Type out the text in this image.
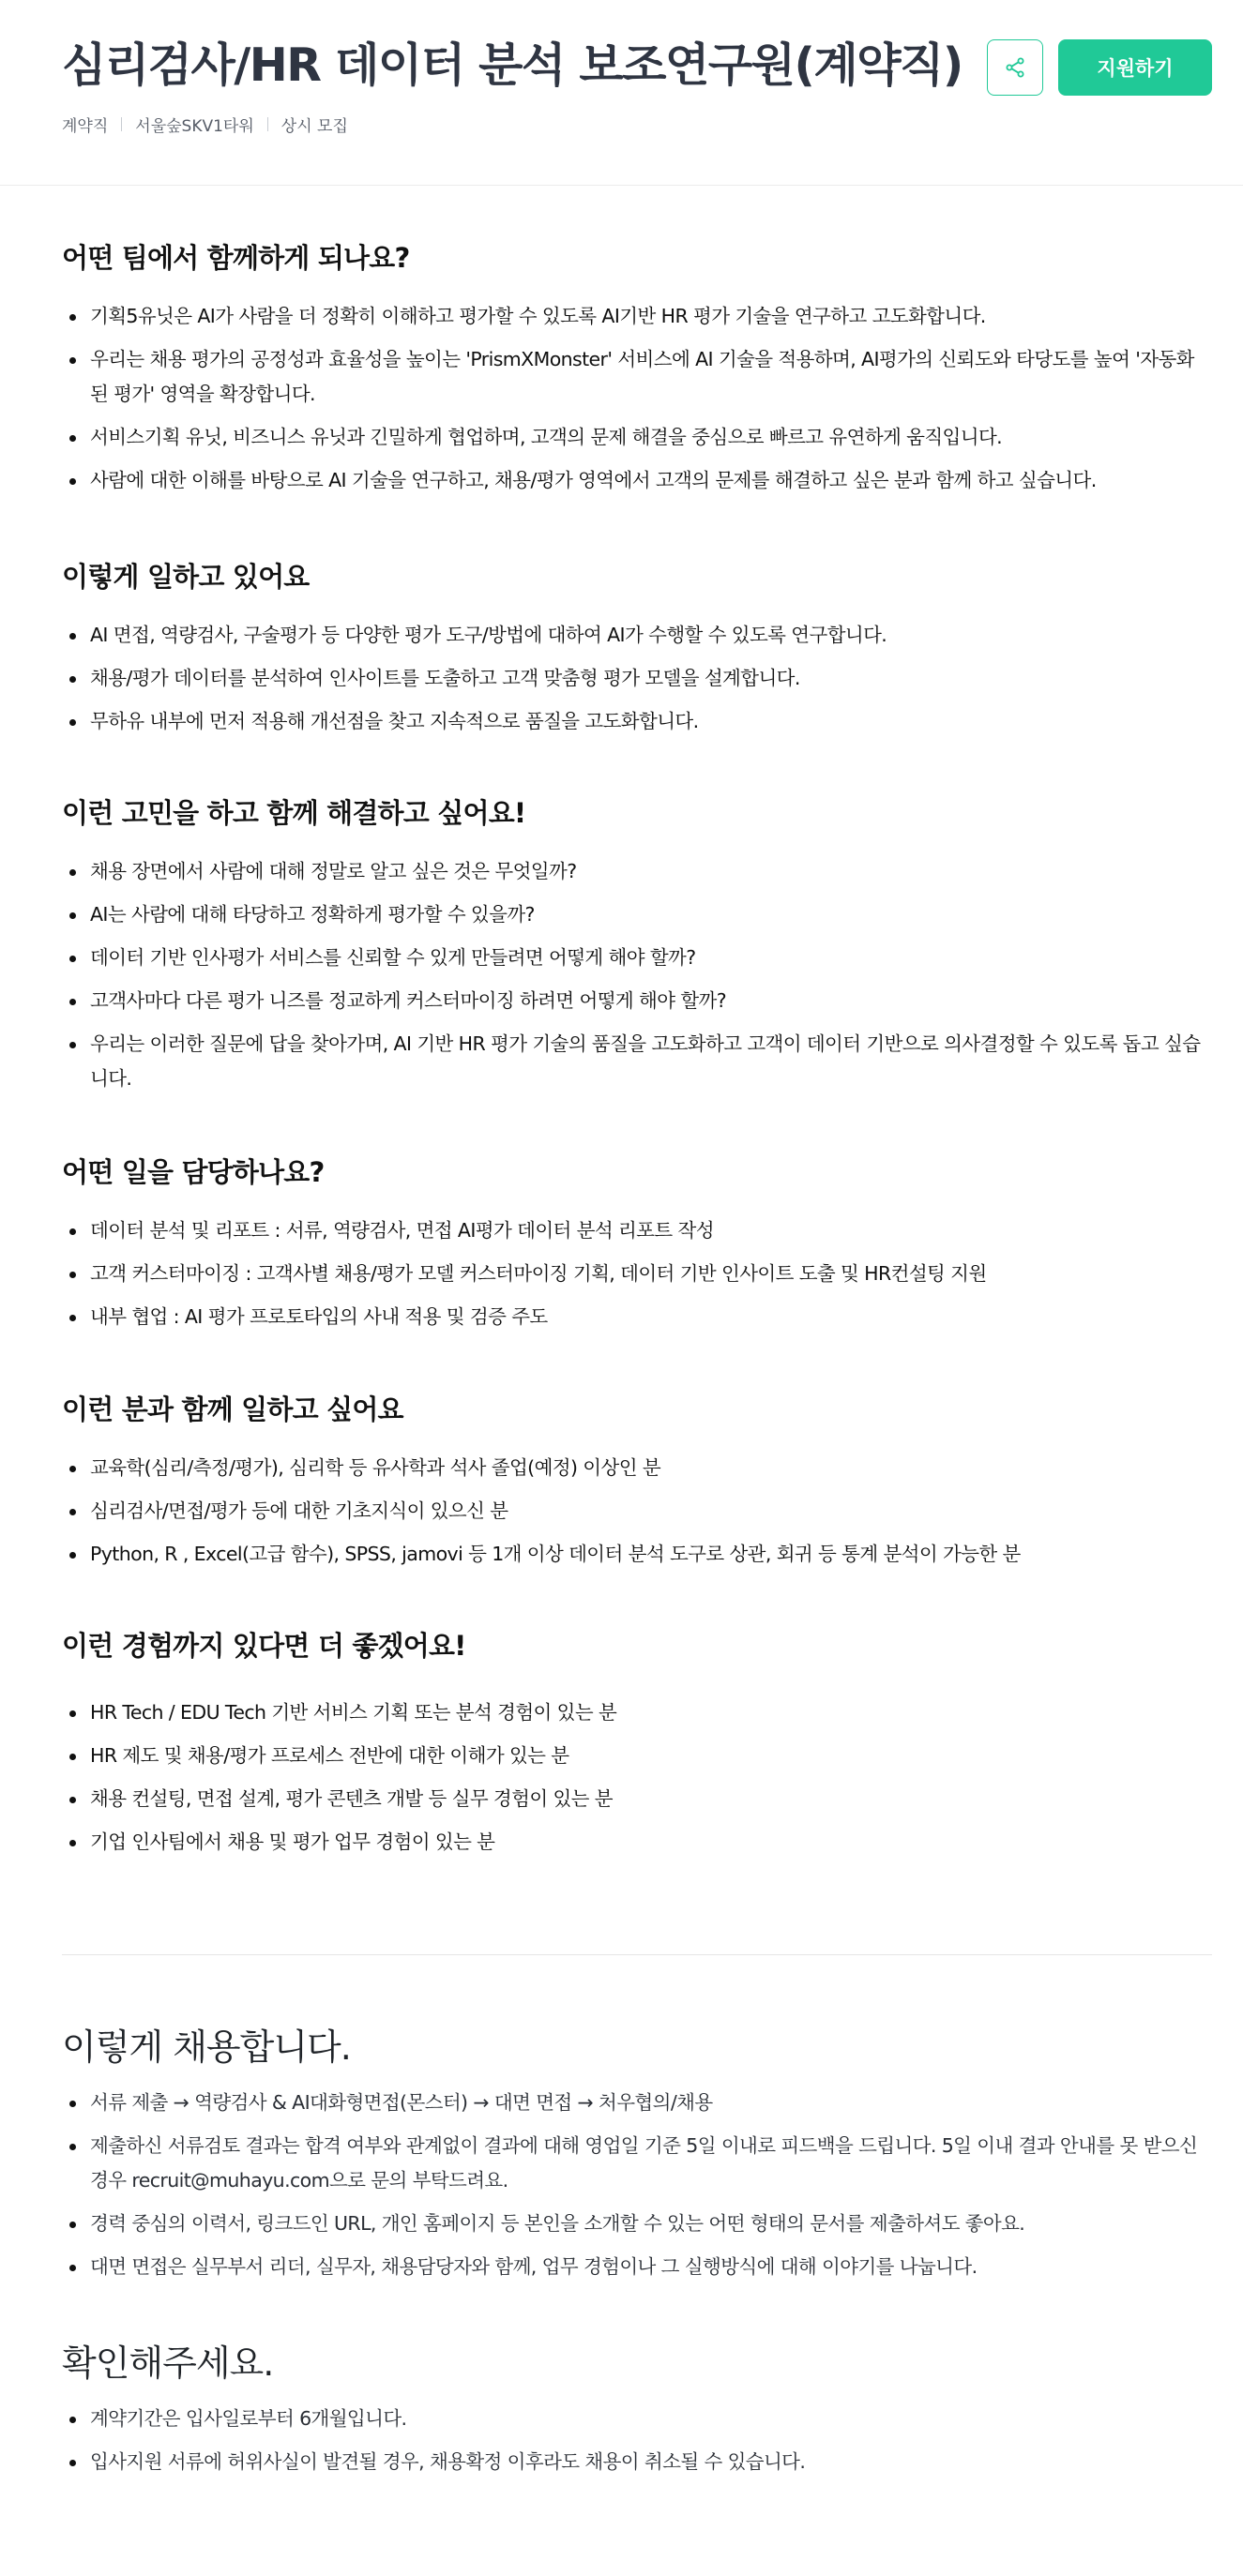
심리검사/HR 데이터 분석 보조연구원(계약직)
계약직 서울숲SKV1타워 상시 모집
지원하기
어떤 팀에서 함께하게 되나요?
기획5유닛은 AI가 사람을 더 정확히 이해하고 평가할 수 있도록 AI기반 HR 평가 기술을 연구하고 고도화합니다.
우리는 채용 평가의 공정성과 효율성을 높이는 'PrismXMonster' 서비스에 AI 기술을 적용하며, AI평가의 신뢰도와 타당도를 높여 '자동화된 평가' 영역을 확장합니다.
서비스기획 유닛, 비즈니스 유닛과 긴밀하게 협업하며, 고객의 문제 해결을 중심으로 빠르고 유연하게 움직입니다.
사람에 대한 이해를 바탕으로 AI 기술을 연구하고, 채용/평가 영역에서 고객의 문제를 해결하고 싶은 분과 함께 하고 싶습니다.
이렇게 일하고 있어요
AI 면접, 역량검사, 구술평가 등 다양한 평가 도구/방법에 대하여 AI가 수행할 수 있도록 연구합니다.
채용/평가 데이터를 분석하여 인사이트를 도출하고 고객 맞춤형 평가 모델을 설계합니다.
무하유 내부에 먼저 적용해 개선점을 찾고 지속적으로 품질을 고도화합니다.
이런 고민을 하고 함께 해결하고 싶어요!
채용 장면에서 사람에 대해 정말로 알고 싶은 것은 무엇일까?
AI는 사람에 대해 타당하고 정확하게 평가할 수 있을까?
데이터 기반 인사평가 서비스를 신뢰할 수 있게 만들려면 어떻게 해야 할까?
고객사마다 다른 평가 니즈를 정교하게 커스터마이징 하려면 어떻게 해야 할까?
우리는 이러한 질문에 답을 찾아가며, AI 기반 HR 평가 기술의 품질을 고도화하고 고객이 데이터 기반으로 의사결정할 수 있도록 돕고 싶습니다.
어떤 일을 담당하나요?
데이터 분석 및 리포트 : 서류, 역량검사, 면접 AI평가 데이터 분석 리포트 작성
고객 커스터마이징 : 고객사별 채용/평가 모델 커스터마이징 기획, 데이터 기반 인사이트 도출 및 HR컨설팅 지원
내부 협업 : AI 평가 프로토타입의 사내 적용 및 검증 주도
이런 분과 함께 일하고 싶어요
교육학(심리/측정/평가), 심리학 등 유사학과 석사 졸업(예정) 이상인 분
심리검사/면접/평가 등에 대한 기초지식이 있으신 분
Python, R , Excel(고급 함수), SPSS, jamovi 등 1개 이상 데이터 분석 도구로 상관, 회귀 등 통계 분석이 가능한 분
이런 경험까지 있다면 더 좋겠어요!
HR Tech / EDU Tech 기반 서비스 기획 또는 분석 경험이 있는 분
HR 제도 및 채용/평가 프로세스 전반에 대한 이해가 있는 분
채용 컨설팅, 면접 설계, 평가 콘텐츠 개발 등 실무 경험이 있는 분
기업 인사팀에서 채용 및 평가 업무 경험이 있는 분
이렇게 채용합니다.
서류 제출 → 역량검사 & AI대화형면접(몬스터) → 대면 면접 → 처우협의/채용
제출하신 서류검토 결과는 합격 여부와 관계없이 결과에 대해 영업일 기준 5일 이내로 피드백을 드립니다. 5일 이내 결과 안내를 못 받으신 경우 recruit@muhayu.com으로 문의 부탁드려요.
경력 중심의 이력서, 링크드인 URL, 개인 홈페이지 등 본인을 소개할 수 있는 어떤 형태의 문서를 제출하셔도 좋아요.
대면 면접은 실무부서 리더, 실무자, 채용담당자와 함께, 업무 경험이나 그 실행방식에 대해 이야기를 나눕니다.
확인해주세요.
계약기간은 입사일로부터 6개월입니다.
입사지원 서류에 허위사실이 발견될 경우, 채용확정 이후라도 채용이 취소될 수 있습니다.
